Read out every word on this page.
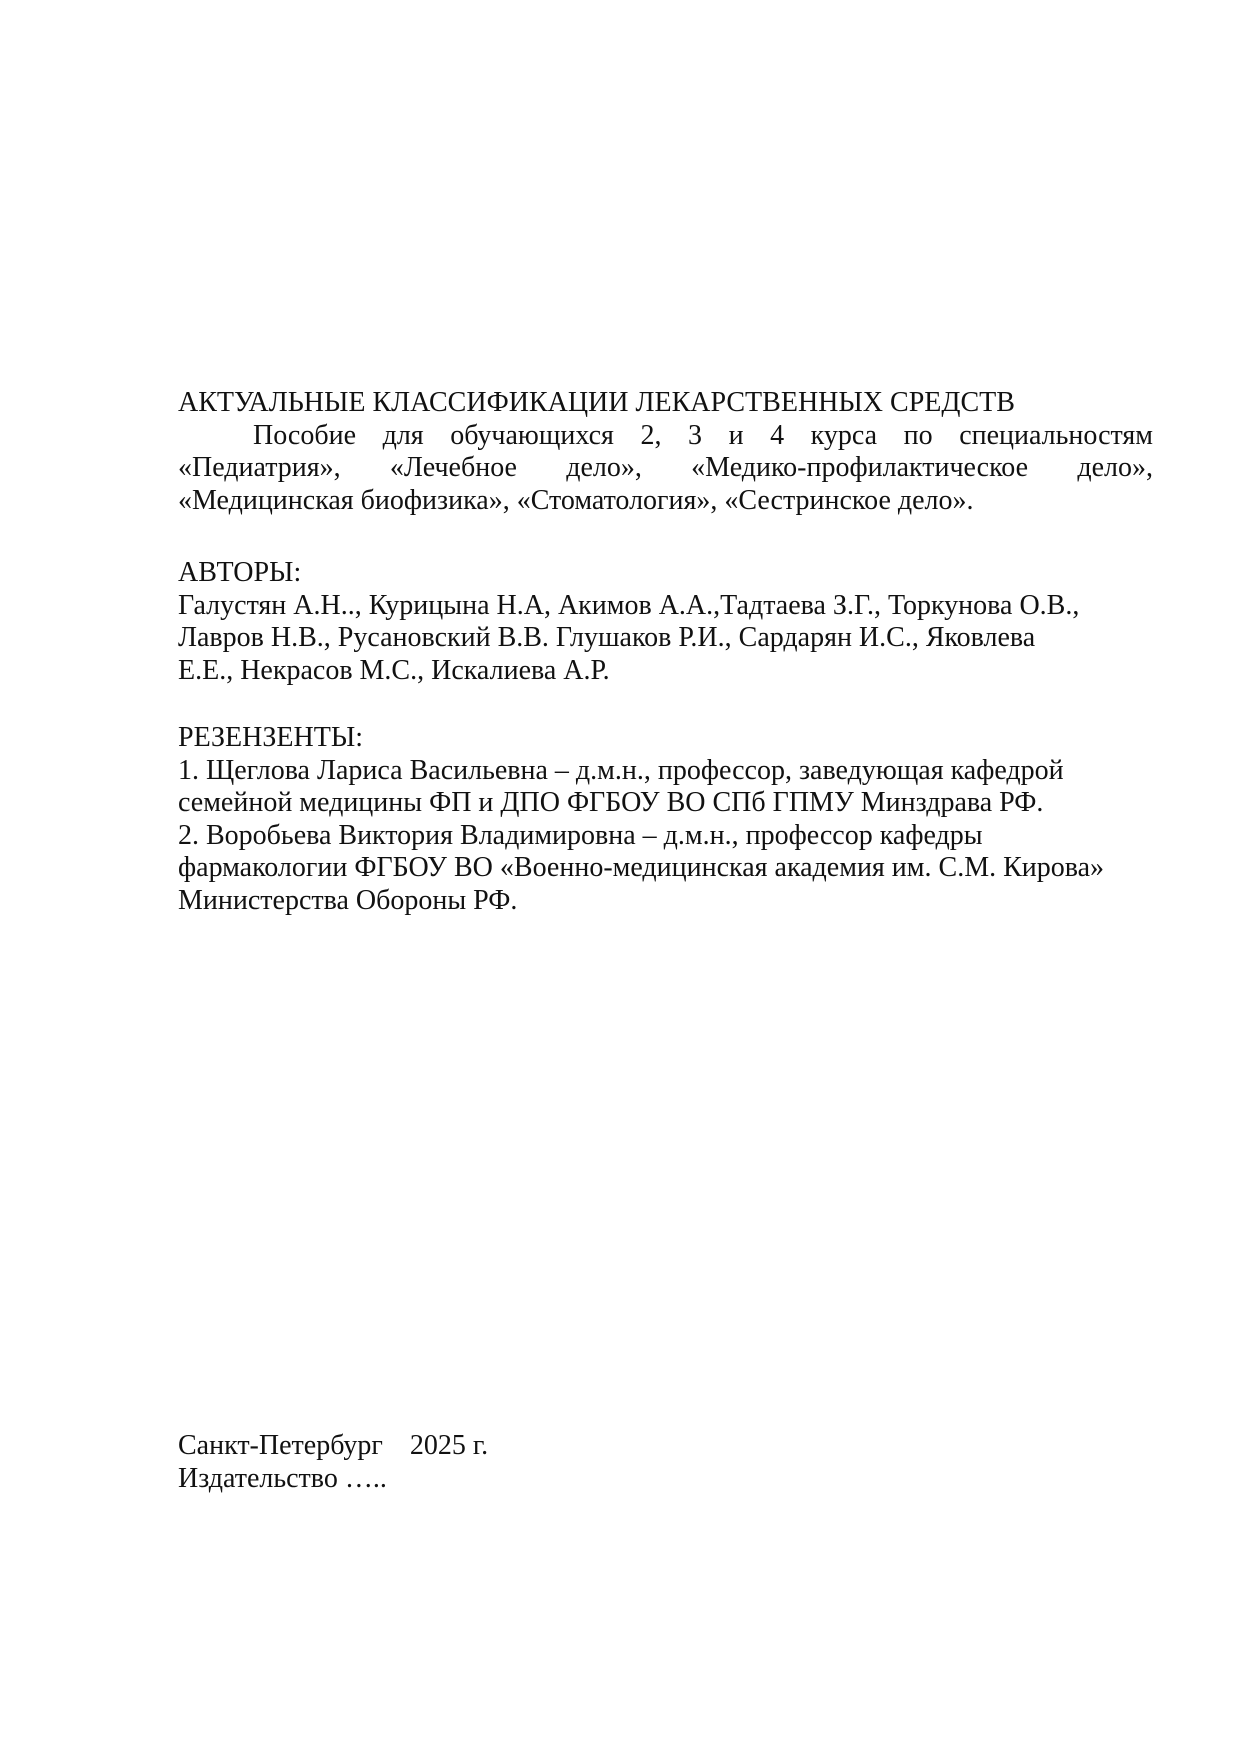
АКТУАЛЬНЫЕ КЛАССИФИКАЦИИ ЛЕКАРСТВЕННЫХ СРЕДСТВ
Пособие для обучающихся 2, 3 и 4 курса по специальностям
«Педиатрия», «Лечебное дело», «Медико-профилактическое дело»,
«Медицинская биофизика», «Стоматология», «Сестринское дело».
АВТОРЫ:
Галустян А.Н.., Курицына Н.А, Акимов А.А.,Тадтаева З.Г., Торкунова О.В.,
Лавров Н.В., Русановский В.В. Глушаков Р.И., Сардарян И.С., Яковлева
Е.Е., Некрасов М.С., Искалиева А.Р.
РЕЗЕНЗЕНТЫ:
1. Щеглова Лариса Васильевна – д.м.н., профессор, заведующая кафедрой
семейной медицины ФП и ДПО ФГБОУ ВО СПб ГПМУ Минздрава РФ.
2. Воробьева Виктория Владимировна – д.м.н., профессор кафедры
фармакологии ФГБОУ ВО «Военно-медицинская академия им. С.М. Кирова»
Министерства Обороны РФ.
Санкт-Петербург 2025 г.
Издательство …..
